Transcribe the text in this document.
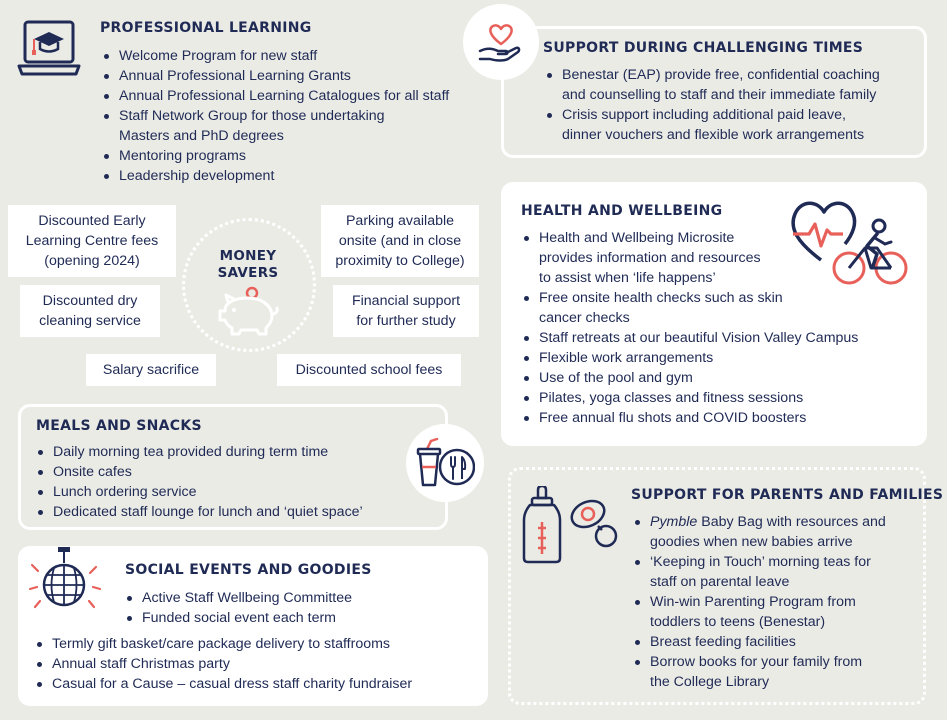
PROFESSIONAL LEARNING
Welcome Program for new staff
Annual Professional Learning Grants
Annual Professional Learning Catalogues for all staff
Staff Network Group for those undertaking
Masters and PhD degrees
Mentoring programs
Leadership development
SUPPORT DURING CHALLENGING TIMES
Benestar (EAP) provide free, confidential coaching
and counselling to staff and their immediate family
Crisis support including additional paid leave,
dinner vouchers and flexible work arrangements
Discounted Early
Learning Centre fees
(opening 2024)
Parking available
onsite (and in close
proximity to College)
Discounted dry
cleaning service
Financial support
for further study
Salary sacrifice	Discounted school fees
MONEY
SAVERS
HEALTH AND WELLBEING
Health and Wellbeing Microsite
provides information and resources
to assist when ‘life happens’
Free onsite health checks such as skin
cancer checks
Staff retreats at our beautiful Vision Valley Campus
Flexible work arrangements
Use of the pool and gym
Pilates, yoga classes and fitness sessions
Free annual flu shots and COVID boosters
MEALS AND SNACKS
Daily morning tea provided during term time
Onsite cafes
Lunch ordering service
Dedicated staff lounge for lunch and ‘quiet space’
SOCIAL EVENTS AND GOODIES
Active Staff Wellbeing Committee
Funded social event each term
Termly gift basket/care package delivery to staffrooms
Annual staff Christmas party
Casual for a Cause – casual dress staff charity fundraiser
SUPPORT FOR PARENTS AND FAMILIES
Pymble Baby Bag with resources and
goodies when new babies arrive
‘Keeping in Touch’ morning teas for
staff on parental leave
Win-win Parenting Program from
toddlers to teens (Benestar)
Breast feeding facilities
Borrow books for your family from
the College Library
